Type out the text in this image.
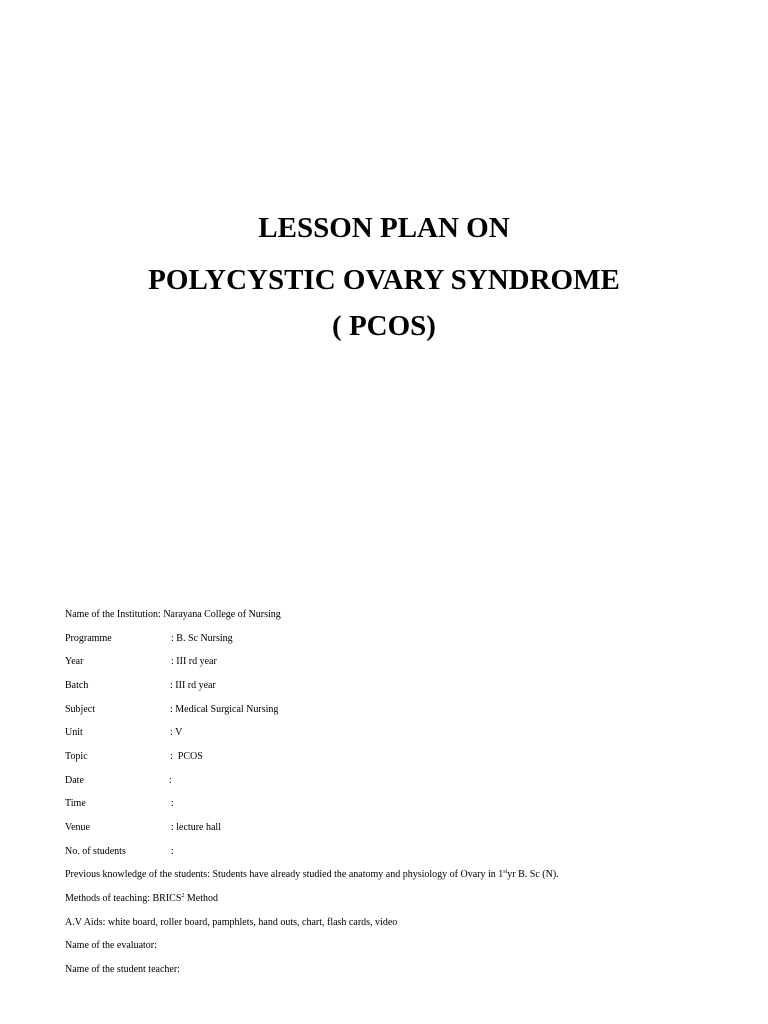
LESSON PLAN ON
POLYCYSTIC OVARY SYNDROME
( PCOS)
Name of the Institution: Narayana College of Nursing
Programme	: B. Sc Nursing
Year	: III rd year
Batch	: III rd year
Subject	: Medical Surgical Nursing
Unit	: V
Topic	:  PCOS
Date	:
Time	:
Venue	: lecture hall
No. of students	:
Previous knowledge of the students: Students have already studied the anatomy and physiology of Ovary in 1styr B. Sc (N).
Methods of teaching: BRICS$^2$ Method
A.V Aids: white board, roller board, pamphlets, hand outs, chart, flash cards, video
Name of the evaluator:
Name of the student teacher:
